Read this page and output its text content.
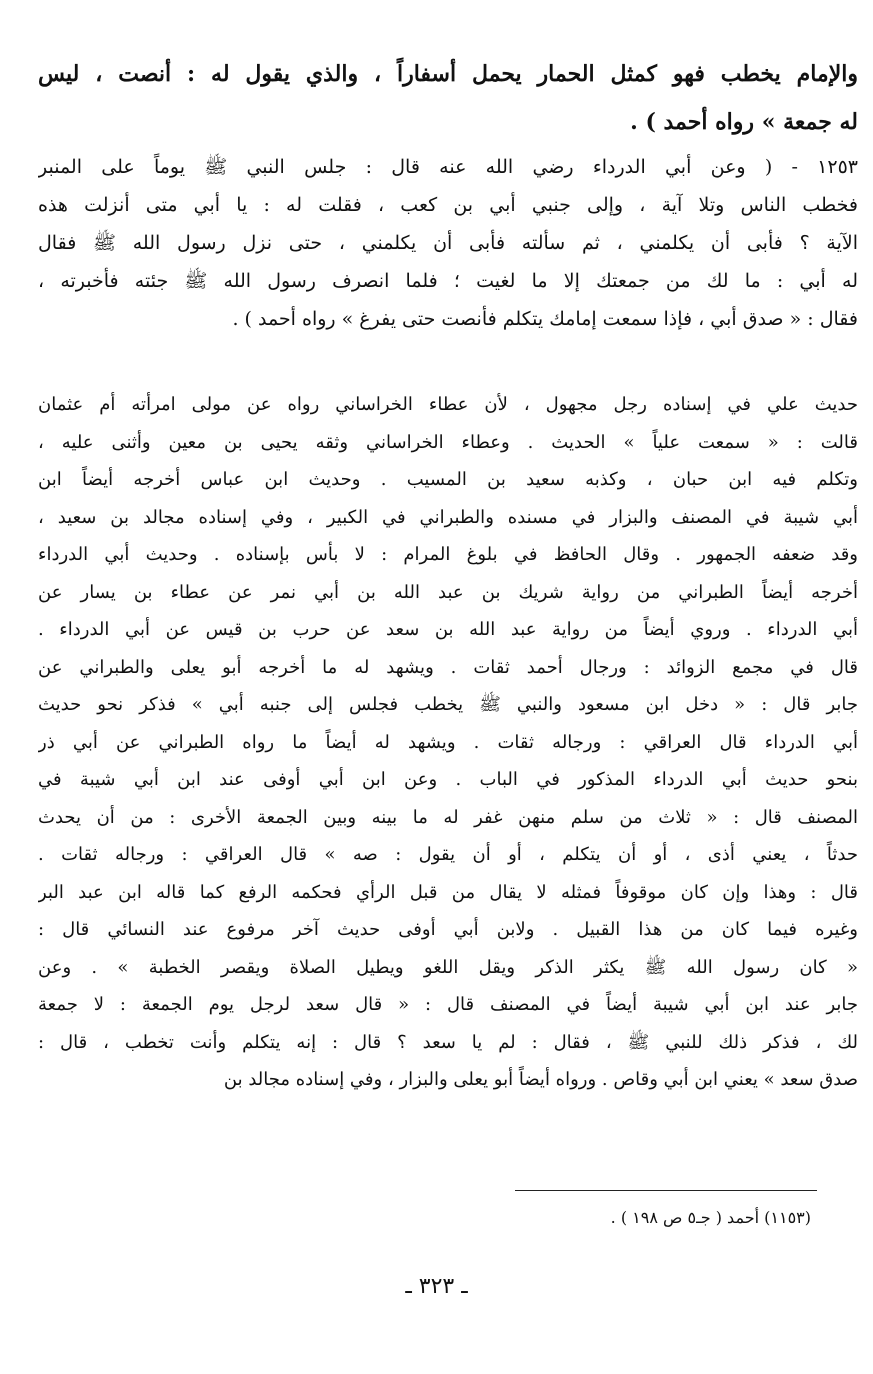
والإمام يخطب فهو كمثل الحمار يحمل أسفاراً ، والذي يقول له : أنصت ، ليس
له جمعة » رواه أحمد ) .
١٢٥٣ - ( وعن أبي الدرداء رضي الله عنه قال : جلس النبي ﷺ يوماً على المنبر
فخطب الناس وتلا آية ، وإلى جنبي أبي بن كعب ، فقلت له : يا أبي متى أنزلت هذه
الآية ؟ فأبى أن يكلمني ، ثم سألته فأبى أن يكلمني ، حتى نزل رسول الله ﷺ فقال
له أبي : ما لك من جمعتك إلا ما لغيت ؛ فلما انصرف رسول الله ﷺ جئته فأخبرته ،
فقال : « صدق أبي ، فإذا سمعت إمامك يتكلم فأنصت حتى يفرغ » رواه أحمد ) .
حديث علي في إسناده رجل مجهول ، لأن عطاء الخراساني رواه عن مولى امرأته أم عثمان
قالت : « سمعت علياً » الحديث . وعطاء الخراساني وثقه يحيى بن معين وأثنى عليه ،
وتكلم فيه ابن حبان ، وكذبه سعيد بن المسيب . وحديث ابن عباس أخرجه أيضاً ابن
أبي شيبة في المصنف والبزار في مسنده والطبراني في الكبير ، وفي إسناده مجالد بن سعيد ،
وقد ضعفه الجمهور . وقال الحافظ في بلوغ المرام : لا بأس بإسناده . وحديث أبي الدرداء
أخرجه أيضاً الطبراني من رواية شريك بن عبد الله بن أبي نمر عن عطاء بن يسار عن
أبي الدرداء . وروي أيضاً من رواية عبد الله بن سعد عن حرب بن قيس عن أبي الدرداء .
قال في مجمع الزوائد : ورجال أحمد ثقات . ويشهد له ما أخرجه أبو يعلى والطبراني عن
جابر قال : « دخل ابن مسعود والنبي ﷺ يخطب فجلس إلى جنبه أبي » فذكر نحو حديث
أبي الدرداء قال العراقي : ورجاله ثقات . ويشهد له أيضاً ما رواه الطبراني عن أبي ذر
بنحو حديث أبي الدرداء المذكور في الباب . وعن ابن أبي أوفى عند ابن أبي شيبة في
المصنف قال : « ثلاث من سلم منهن غفر له ما بينه وبين الجمعة الأخرى : من أن يحدث
حدثاً ، يعني أذى ، أو أن يتكلم ، أو أن يقول : صه » قال العراقي : ورجاله ثقات .
قال : وهذا وإن كان موقوفاً فمثله لا يقال من قبل الرأي فحكمه الرفع كما قاله ابن عبد البر
وغيره فيما كان من هذا القبيل . ولابن أبي أوفى حديث آخر مرفوع عند النسائي قال :
« كان رسول الله ﷺ يكثر الذكر ويقل اللغو ويطيل الصلاة ويقصر الخطبة » . وعن
جابر عند ابن أبي شيبة أيضاً في المصنف قال : « قال سعد لرجل يوم الجمعة : لا جمعة
لك ، فذكر ذلك للنبي ﷺ ، فقال : لم يا سعد ؟ قال : إنه يتكلم وأنت تخطب ، قال :
صدق سعد » يعني ابن أبي وقاص . ورواه أيضاً أبو يعلى والبزار ، وفي إسناده مجالد بن
(١١٥٣) أحمد ( جـ٥ ص ١٩٨ ) .
ـ ٣٢٣ ـ
